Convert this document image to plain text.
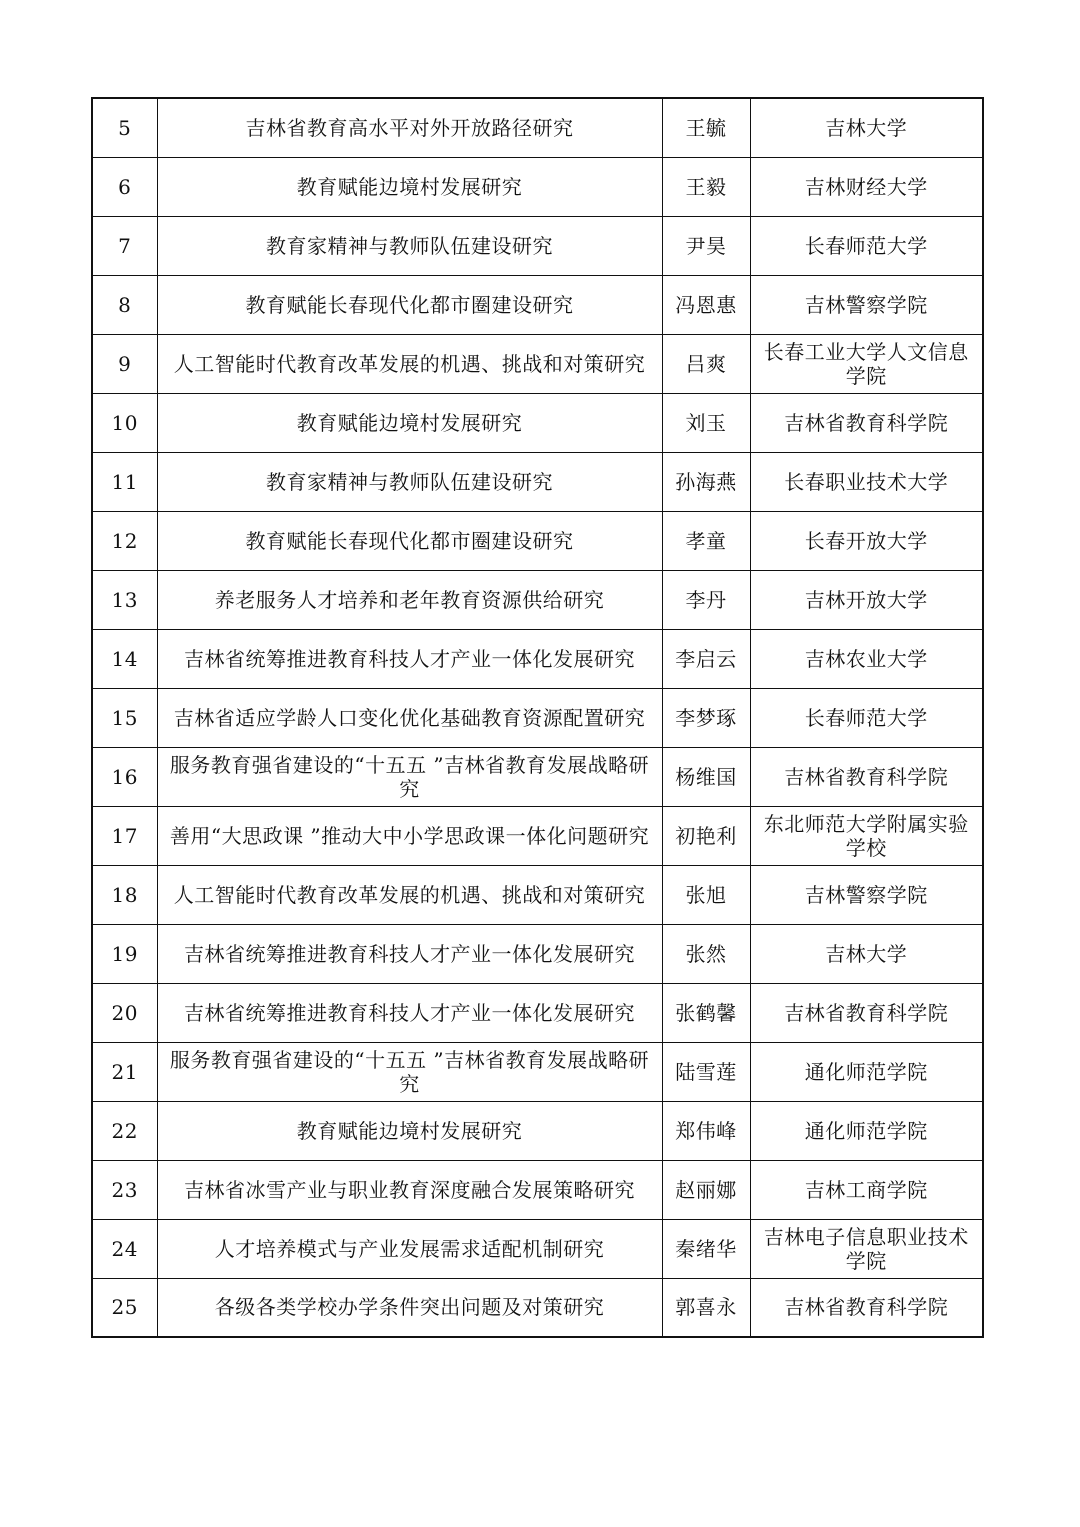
5	吉林省教育高水平对外开放路径研究	王毓	吉林大学
6	教育赋能边境村发展研究	王毅	吉林财经大学
7	教育家精神与教师队伍建设研究	尹昊	长春师范大学
8	教育赋能长春现代化都市圈建设研究	冯恩惠	吉林警察学院
9	人工智能时代教育改革发展的机遇、挑战和对策研究	吕爽	长春工业大学人文信息学院
10	教育赋能边境村发展研究	刘玉	吉林省教育科学院
11	教育家精神与教师队伍建设研究	孙海燕	长春职业技术大学
12	教育赋能长春现代化都市圈建设研究	孝童	长春开放大学
13	养老服务人才培养和老年教育资源供给研究	李丹	吉林开放大学
14	吉林省统筹推进教育科技人才产业一体化发展研究	李启云	吉林农业大学
15	吉林省适应学龄人口变化优化基础教育资源配置研究	李梦琢	长春师范大学
16	服务教育强省建设的“十五五 ”吉林省教育发展战略研究	杨维国	吉林省教育科学院
17	善用“大思政课 ”推动大中小学思政课一体化问题研究	初艳利	东北师范大学附属实验学校
18	人工智能时代教育改革发展的机遇、挑战和对策研究	张旭	吉林警察学院
19	吉林省统筹推进教育科技人才产业一体化发展研究	张然	吉林大学
20	吉林省统筹推进教育科技人才产业一体化发展研究	张鹤馨	吉林省教育科学院
21	服务教育强省建设的“十五五 ”吉林省教育发展战略研究	陆雪莲	通化师范学院
22	教育赋能边境村发展研究	郑伟峰	通化师范学院
23	吉林省冰雪产业与职业教育深度融合发展策略研究	赵丽娜	吉林工商学院
24	人才培养模式与产业发展需求适配机制研究	秦绪华	吉林电子信息职业技术学院
25	各级各类学校办学条件突出问题及对策研究	郭喜永	吉林省教育科学院
